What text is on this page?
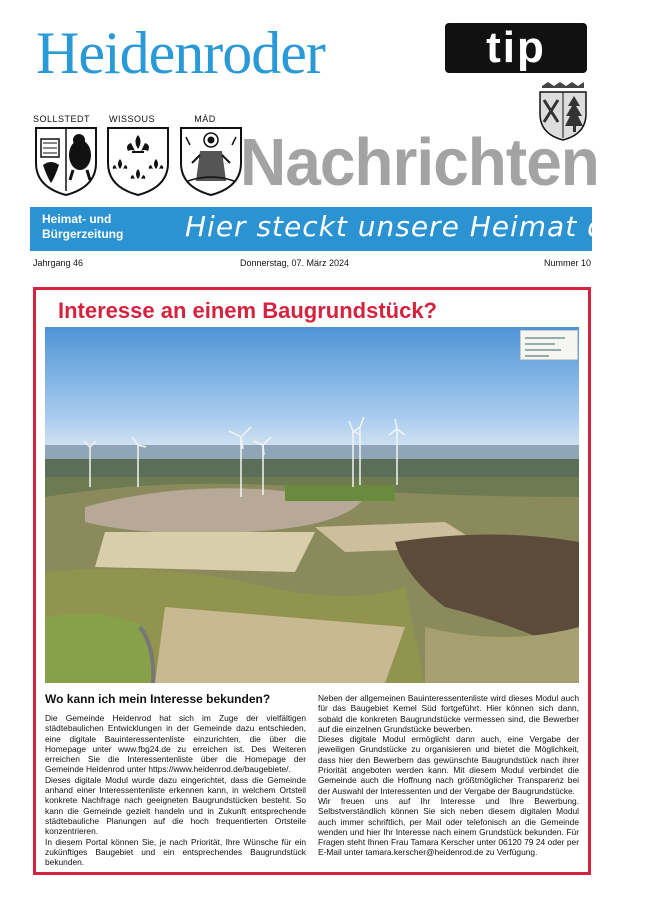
Heidenroder	tip
SOLLSTEDT WISSOUS	MÁD
Nachrichten
Heimat- und
Bürgerzeitung Hier steckt unsere Heimat drin!
Jahrgang 46	Donnerstag, 07. März 2024	Nummer 10
Interesse an einem Baugrundstück?
Wo kann ich mein Interesse bekunden?

Die Gemeinde Heidenrod hat sich im Zuge der vielfältigen städtebaulichen Entwicklungen in der Gemeinde dazu entschieden, eine digitale Bauinteressentenliste einzurichten, die über die Homepage unter www.fbg24.de zu erreichen ist. Des Weiteren erreichen Sie die Interessentenliste über die Homepage der Gemeinde Heidenrod unter https://www.heidenrod.de/baugebiete/.

Dieses digitale Modul wurde dazu eingerichtet, dass die Gemeinde anhand einer Interessentenliste erkennen kann, in welchem Ortsteil konkrete Nachfrage nach geeigneten Baugrundstücken besteht. So kann die Gemeinde gezielt handeln und in Zukunft entsprechende städtebauliche Planungen auf die hoch frequentierten Ortsteile konzentrieren.

In diesem Portal können Sie, je nach Priorität, Ihre Wünsche für ein zukünftiges Baugebiet und ein entsprechendes Baugrundstück bekunden.

Neben der allgemeinen Bauinteressentenliste wird dieses Modul auch für das Baugebiet Kemel Süd fortgeführt. Hier können sich dann, sobald die konkreten Baugrundstücke vermessen sind, die Bewerber auf die einzelnen Grundstücke bewerben.

Dieses digitale Modul ermöglicht dann auch, eine Vergabe der jeweiligen Grundstücke zu organisieren und bietet die Möglichkeit, dass hier den Bewerbern das gewünschte Baugrundstück nach ihrer Priorität angeboten werden kann. Mit diesem Modul verbindet die Gemeinde auch die Hoffnung nach größtmöglicher Transparenz bei der Auswahl der Interessenten und der Vergabe der Baugrundstücke.

Wir freuen uns auf Ihr Interesse und Ihre Bewerbung. Selbstverständlich können Sie sich neben diesem digitalen Modul auch immer schriftlich, per Mail oder telefonisch an die Gemeinde wenden und hier Ihr Interesse nach einem Grundstück bekunden. Für Fragen steht Ihnen Frau Tamara Kerscher unter 06120 79 24 oder per E-Mail unter tamara.kerscher@heidenrod.de zu Verfügung.
